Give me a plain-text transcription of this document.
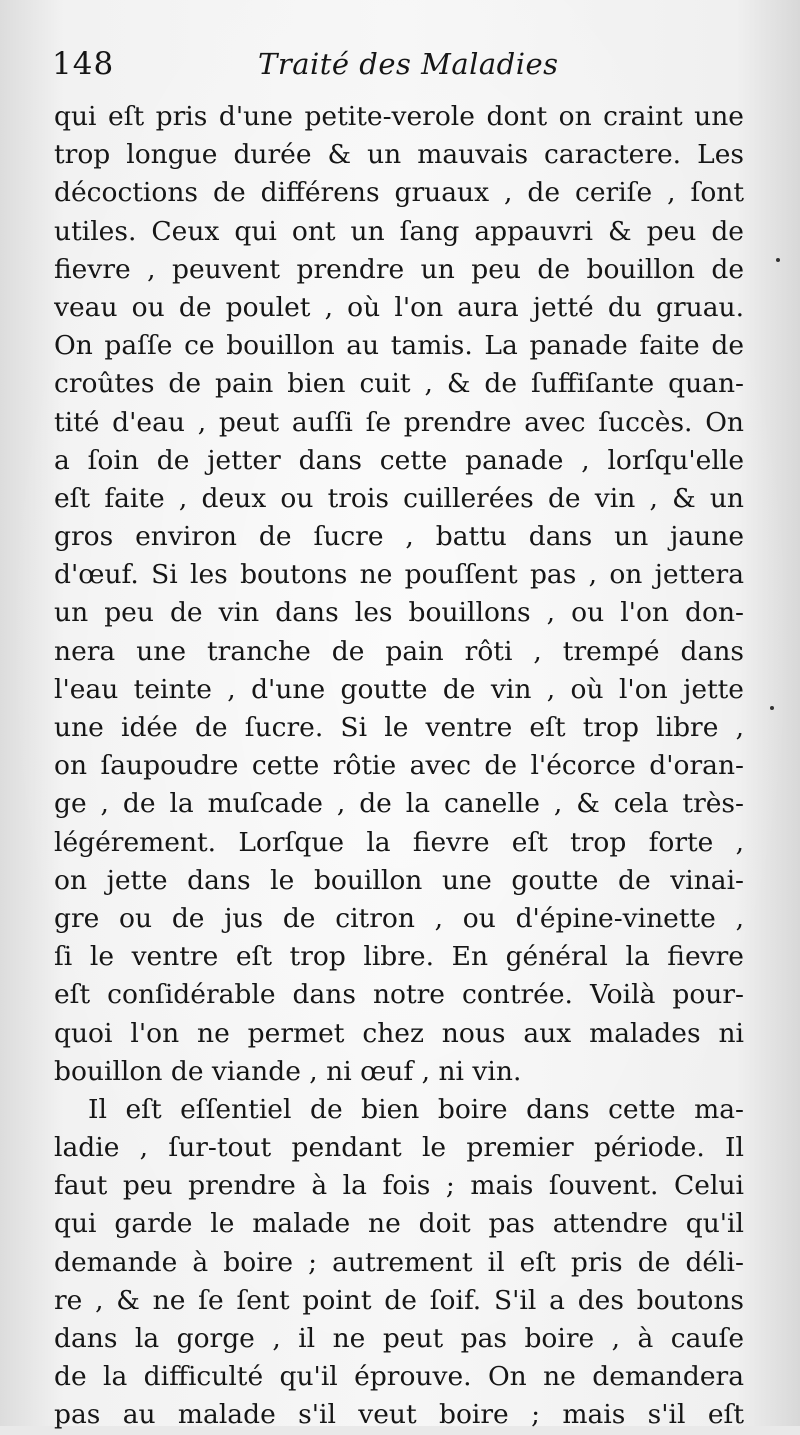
148	Traité des Maladies
qui eſt pris d'une petite-verole dont on craint une
trop longue durée & un mauvais caractere. Les
décoctions de différens gruaux , de ceriſe , ſont
utiles. Ceux qui ont un ſang appauvri & peu de
fievre , peuvent prendre un peu de bouillon de
veau ou de poulet , où l'on aura jetté du gruau.
On paſſe ce bouillon au tamis. La panade faite de
croûtes de pain bien cuit , & de ſuffiſante quan-
tité d'eau , peut auſſi ſe prendre avec ſuccès. On
a ſoin de jetter dans cette panade , lorſqu'elle
eſt faite , deux ou trois cuillerées de vin , & un
gros environ de ſucre , battu dans un jaune
d'œuf. Si les boutons ne pouſſent pas , on jettera
un peu de vin dans les bouillons , ou l'on don-
nera une tranche de pain rôti , trempé dans
l'eau teinte , d'une goutte de vin , où l'on jette
une idée de ſucre. Si le ventre eſt trop libre ,
on ſaupoudre cette rôtie avec de l'écorce d'oran-
ge , de la muſcade , de la canelle , & cela très-
légérement. Lorſque la fievre eſt trop forte ,
on jette dans le bouillon une goutte de vinai-
gre ou de jus de citron , ou d'épine-vinette ,
ſi le ventre eſt trop libre. En général la fievre
eſt conſidérable dans notre contrée. Voilà pour-
quoi l'on ne permet chez nous aux malades ni
bouillon de viande , ni œuf , ni vin.
Il eſt eſſentiel de bien boire dans cette ma-
ladie , ſur-tout pendant le premier période. Il
faut peu prendre à la fois ; mais ſouvent. Celui
qui garde le malade ne doit pas attendre qu'il
demande à boire ; autrement il eſt pris de déli-
re , & ne ſe ſent point de ſoif. S'il a des boutons
dans la gorge , il ne peut pas boire , à cauſe
de la difficulté qu'il éprouve. On ne demandera
pas au malade s'il veut boire ; mais s'il eſt
